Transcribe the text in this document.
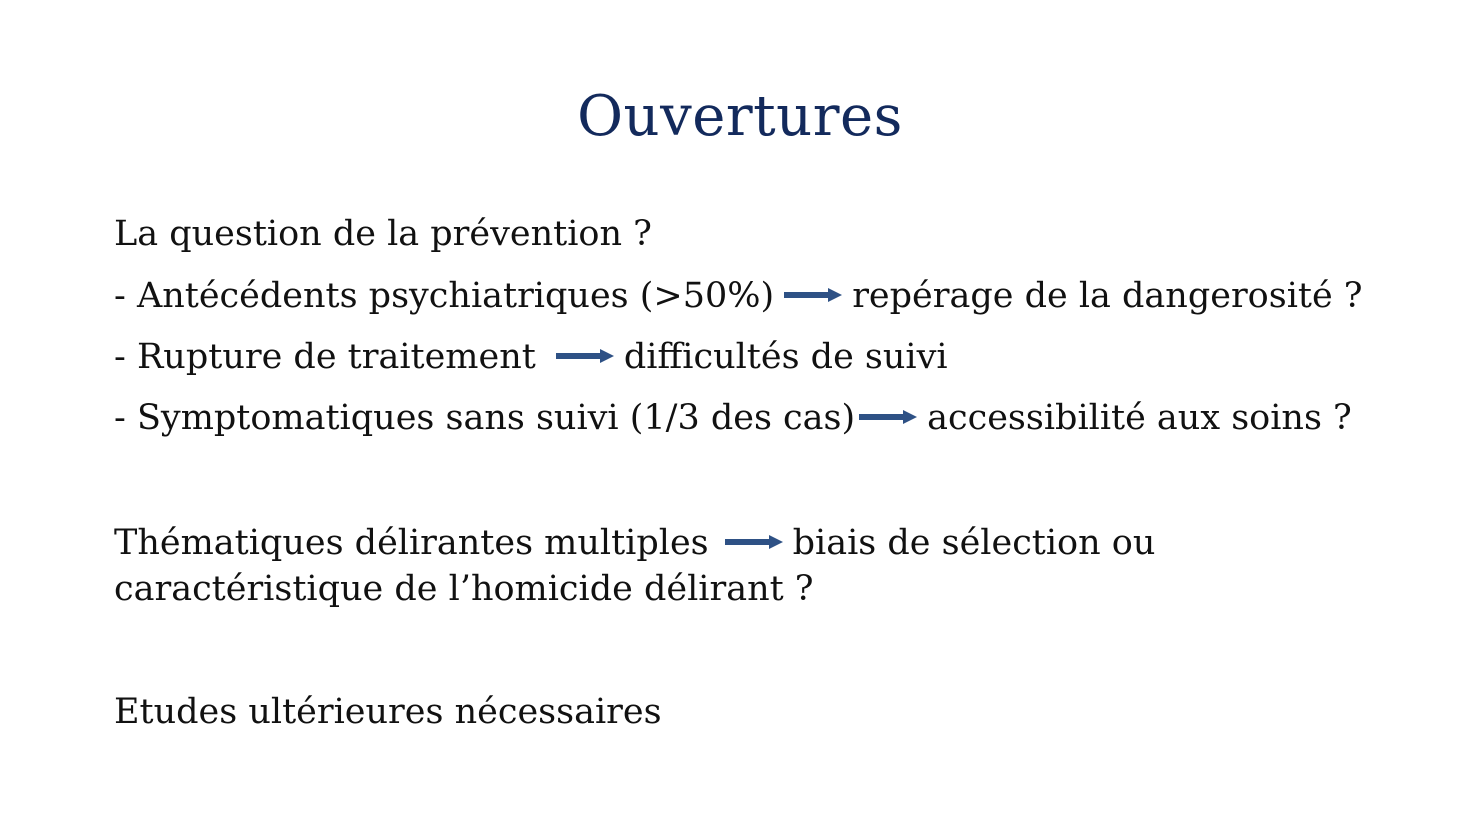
Ouvertures
La question de la prévention ?
- Antécédents psychiatriques (>50%) repérage de la dangerosité ?
- Rupture de traitement	difficultés de suivi
- Symptomatiques sans suivi (1/3 des cas) accessibilité aux soins ?
Thématiques délirantes multiples biais de sélection ou
caractéristique de l’homicide délirant ?
Etudes ultérieures nécessaires
